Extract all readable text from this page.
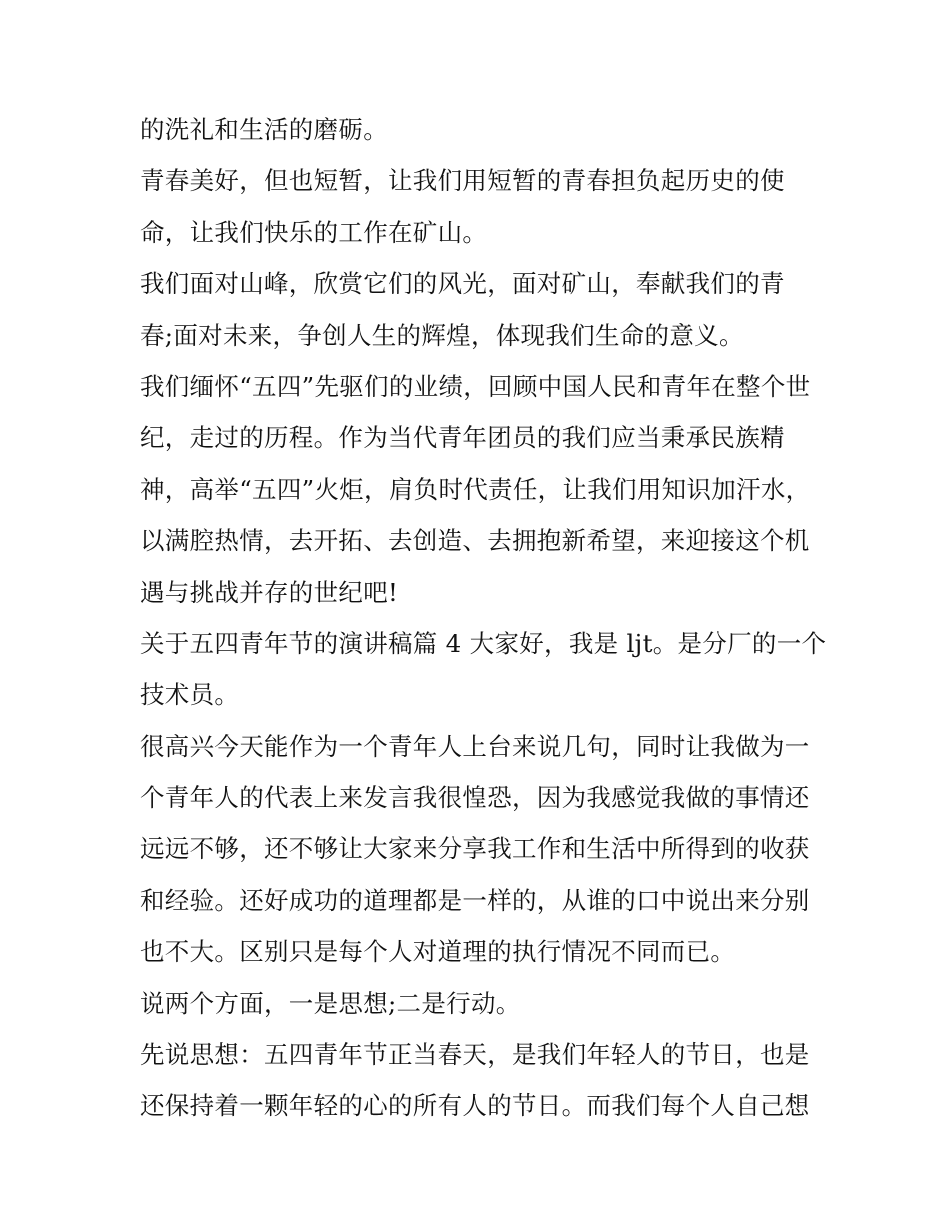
的洗礼和生活的磨砺。
青春美好，但也短暂，让我们用短暂的青春担负起历史的使
命，让我们快乐的工作在矿山。
我们面对山峰，欣赏它们的风光，面对矿山，奉献我们的青
春;面对未来，争创人生的辉煌，体现我们生命的意义。
我们缅怀“五四”先驱们的业绩，回顾中国人民和青年在整个世
纪，走过的历程。作为当代青年团员的我们应当秉承民族精
神，高举“五四”火炬，肩负时代责任，让我们用知识加汗水，
以满腔热情，去开拓、去创造、去拥抱新希望，来迎接这个机
遇与挑战并存的世纪吧!
关于五四青年节的演讲稿篇 4 大家好，我是 ljt。是分厂的一个
技术员。
很高兴今天能作为一个青年人上台来说几句，同时让我做为一
个青年人的代表上来发言我很惶恐，因为我感觉我做的事情还
远远不够，还不够让大家来分享我工作和生活中所得到的收获
和经验。还好成功的道理都是一样的，从谁的口中说出来分别
也不大。区别只是每个人对道理的执行情况不同而已。
说两个方面，一是思想;二是行动。
先说思想：五四青年节正当春天，是我们年轻人的节日，也是
还保持着一颗年轻的心的所有人的节日。而我们每个人自己想
